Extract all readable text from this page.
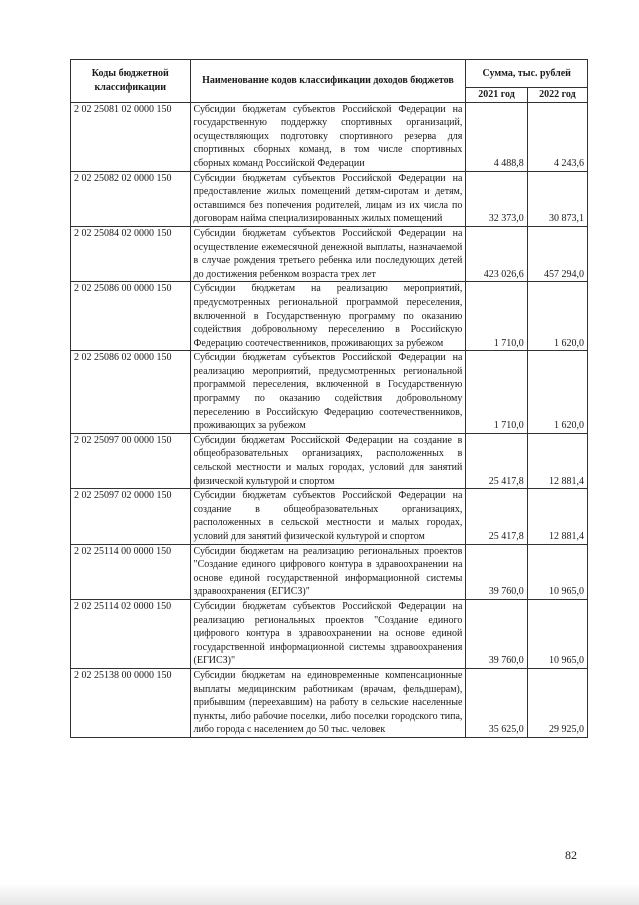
Коды бюджетной классификации	Наименование кодов классификации доходов бюджетов	Сумма, тыс. рублей	
		2021 год	2022 год
2 02 25081 02 0000 150	Субсидии бюджетам субъектов Российской Федерации на государственную поддержку спортивных организаций, осуществляющих подготовку спортивного резерва для спортивных сборных команд, в том числе спортивных сборных команд Российской Федерации	4 488,8	4 243,6
2 02 25082 02 0000 150	Субсидии бюджетам субъектов Российской Федерации на предоставление жилых помещений детям-сиротам и детям, оставшимся без попечения родителей, лицам из их числа по договорам найма специализированных жилых помещений	32 373,0	30 873,1
2 02 25084 02 0000 150	Субсидии бюджетам субъектов Российской Федерации на осуществление ежемесячной денежной выплаты, назначаемой в случае рождения третьего ребенка или последующих детей до достижения ребенком возраста трех лет	423 026,6	457 294,0
2 02 25086 00 0000 150	Субсидии бюджетам на реализацию мероприятий, предусмотренных региональной программой переселения, включенной в Государственную программу по оказанию содействия добровольному переселению в Российскую Федерацию соотечественников, проживающих за рубежом	1 710,0	1 620,0
2 02 25086 02 0000 150	Субсидии бюджетам субъектов Российской Федерации на реализацию мероприятий, предусмотренных региональной программой переселения, включенной в Государственную программу по оказанию содействия добровольному переселению в Российскую Федерацию соотечественников, проживающих за рубежом	1 710,0	1 620,0
2 02 25097 00 0000 150	Субсидии бюджетам Российской Федерации на создание в общеобразовательных организациях, расположенных в сельской местности и малых городах, условий для занятий физической культурой и спортом	25 417,8	12 881,4
2 02 25097 02 0000 150	Субсидии бюджетам субъектов Российской Федерации на создание в общеобразовательных организациях, расположенных в сельской местности и малых городах, условий для занятий физической культурой и спортом	25 417,8	12 881,4
2 02 25114 00 0000 150	Субсидии бюджетам на реализацию региональных проектов "Создание единого цифрового контура в здравоохранении на основе единой государственной информационной системы здравоохранения (ЕГИСЗ)"	39 760,0	10 965,0
2 02 25114 02 0000 150	Субсидии бюджетам субъектов Российской Федерации на реализацию региональных проектов "Создание единого цифрового контура в здравоохранении на основе единой государственной информационной системы здравоохранения (ЕГИСЗ)"	39 760,0	10 965,0
2 02 25138 00 0000 150	Субсидии бюджетам на единовременные компенсационные выплаты медицинским работникам (врачам, фельдшерам), прибывшим (переехавшим) на работу в сельские населенные пункты, либо рабочие поселки, либо поселки городского типа, либо города с населением до 50 тыс. человек	35 625,0	29 925,0
82
